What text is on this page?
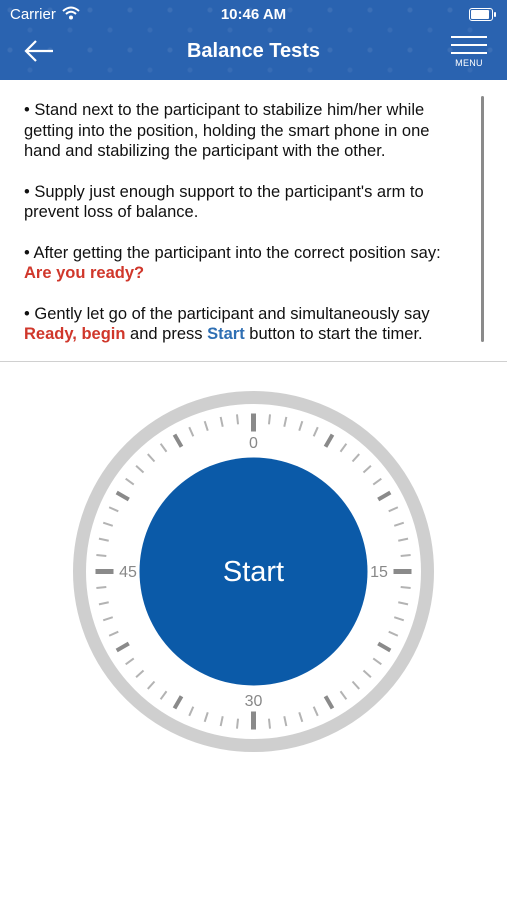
Carrier	10:46 AM
Balance Tests
MENU

• Stand next to the participant to stabilize him/her while getting into the position, holding the smart phone in one hand and stabilizing the participant with the other.

• Supply just enough support to the participant's arm to prevent loss of balance.

• After getting the participant into the correct position say: Are you ready?

• Gently let go of the participant and simultaneously say Ready, begin and press Start button to start the timer.

0
15
30
45	Start
